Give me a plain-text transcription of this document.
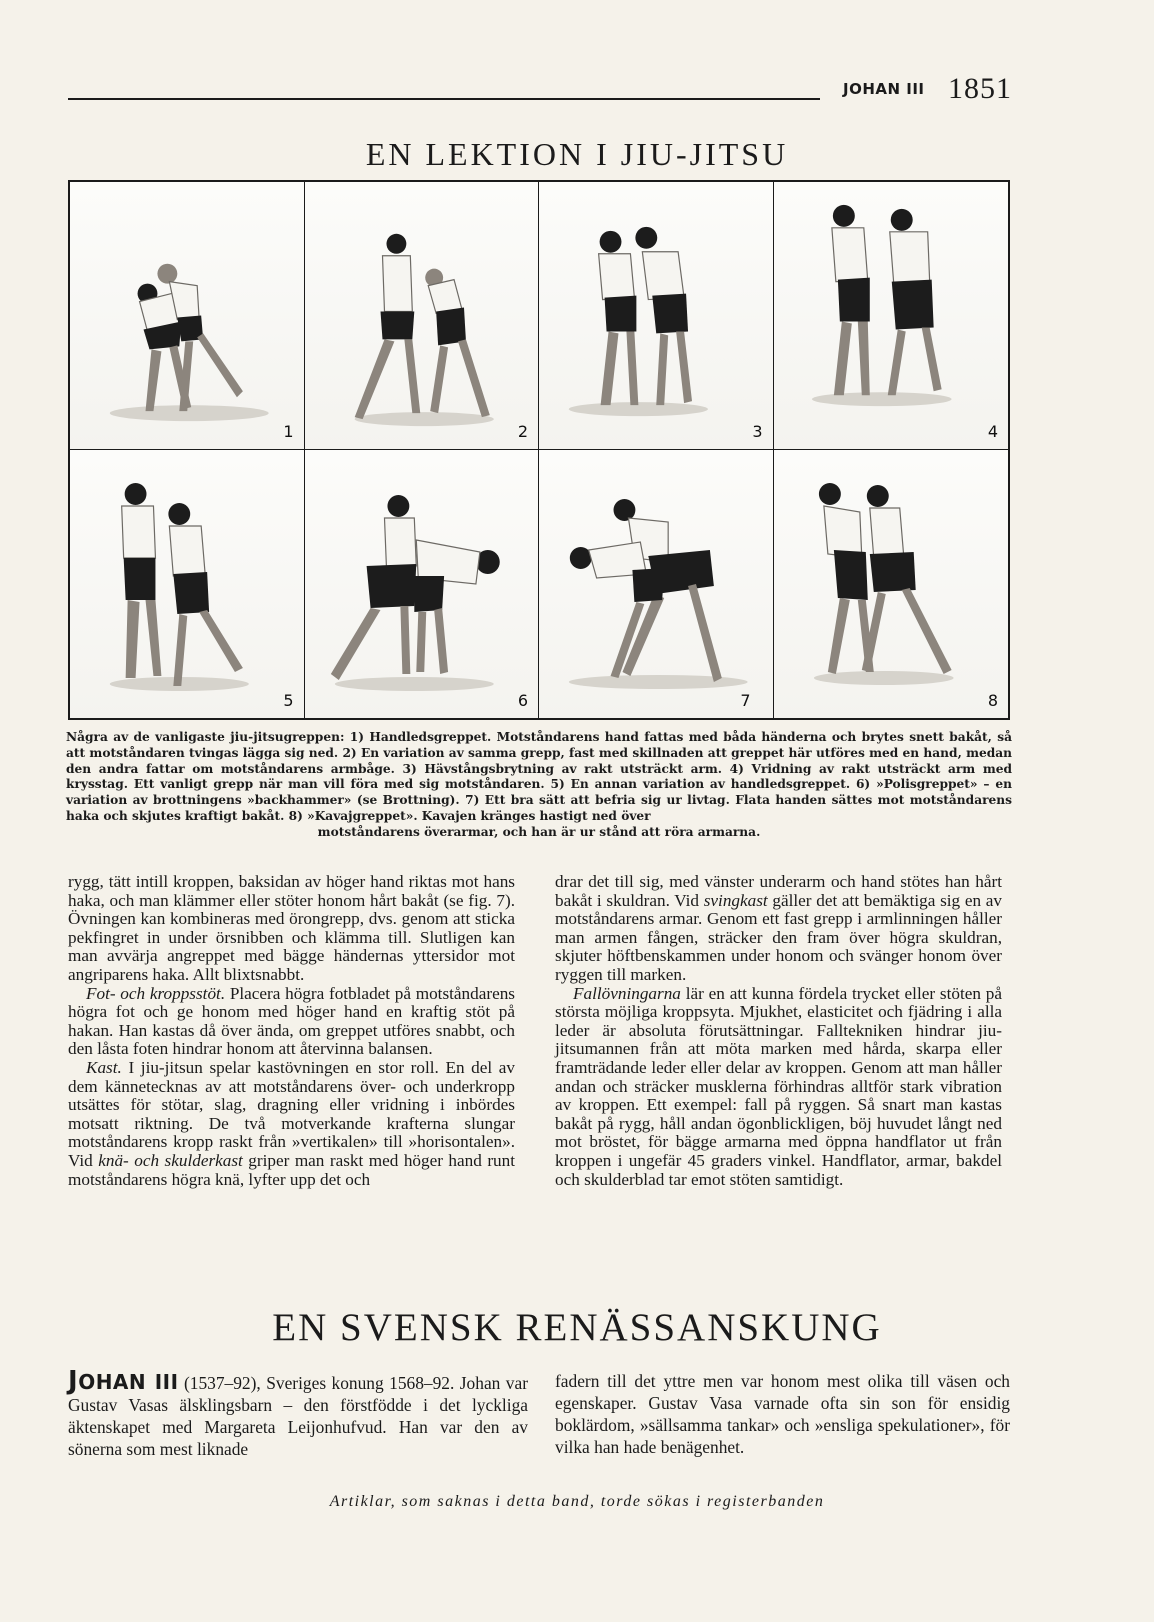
JOHAN III 1851
EN LEKTION I JIU-JITSU
1	2	3	4
5	6	7	8

Några av de vanligaste jiu-jitsugreppen: 1) Handledsgreppet. Motståndarens hand fattas med båda händerna och brytes snett bakåt, så att motståndaren tvingas lägga sig ned. 2) En variation av samma grepp, fast med skillnaden att greppet här utföres med en hand, medan den andra fattar om motståndarens armbåge. 3) Hävstångsbrytning av rakt utsträckt arm. 4) Vridning av rakt utsträckt arm med krysstag. Ett vanligt grepp när man vill föra med sig motståndaren. 5) En annan variation av handledsgreppet. 6) »Polisgreppet» – en variation av brottningens »backhammer» (se Brottning). 7) Ett bra sätt att befria sig ur livtag. Flata handen sättes mot motståndarens haka och skjutes kraftigt bakåt. 8) »Kavajgreppet». Kavajen kränges hastigt ned över
motståndarens överarmar, och han är ur stånd att röra armarna.

rygg, tätt intill kroppen, baksidan av höger hand riktas mot hans haka, och man klämmer eller stöter honom hårt bakåt (se fig. 7). Övningen kan kombineras med örongrepp, dvs. genom att sticka pekfingret in under örsnibben och klämma till. Slutligen kan man avvärja angreppet med bägge händernas yttersidor mot angriparens haka. Allt blixtsnabbt.

Fot- och kroppsstöt. Placera högra fotbladet på motståndarens högra fot och ge honom med höger hand en kraftig stöt på hakan. Han kastas då över ända, om greppet utföres snabbt, och den låsta foten hindrar honom att återvinna balansen.

Kast. I jiu-jitsun spelar kastövningen en stor roll. En del av dem kännetecknas av att motståndarens över- och underkropp utsättes för stötar, slag, dragning eller vridning i inbördes motsatt riktning. De två motverkande krafterna slungar motståndarens kropp raskt från »vertikalen» till »horisontalen». Vid knä- och skulderkast griper man raskt med höger hand runt motståndarens högra knä, lyfter upp det och

drar det till sig, med vänster underarm och hand stötes han hårt bakåt i skuldran. Vid svingkast gäller det att bemäktiga sig en av motståndarens armar. Genom ett fast grepp i armlinningen håller man armen fången, sträcker den fram över högra skuldran, skjuter höftbenskammen under honom och svänger honom över ryggen till marken.

Fallövningarna lär en att kunna fördela trycket eller stöten på största möjliga kroppsyta. Mjukhet, elasticitet och fjädring i alla leder är absoluta förutsättningar. Falltekniken hindrar jiu-jitsumannen från att möta marken med hårda, skarpa eller framträdande leder eller delar av kroppen. Genom att man håller andan och sträcker musklerna förhindras alltför stark vibration av kroppen. Ett exempel: fall på ryggen. Så snart man kastas bakåt på rygg, håll andan ögonblickligen, böj huvudet långt ned mot bröstet, för bägge armarna med öppna handflator ut från kroppen i ungefär 45 graders vinkel. Handflator, armar, bakdel och skulderblad tar emot stöten samtidigt.

EN SVENSK RENÄSSANSKUNG

JOHAN III (1537–92), Sveriges konung 1568–92. Johan var Gustav Vasas älsklingsbarn – den förstfödde i det lyckliga äktenskapet med Margareta Leijonhufvud. Han var den av sönerna som mest liknade

fadern till det yttre men var honom mest olika till väsen och egenskaper. Gustav Vasa varnade ofta sin son för ensidig boklärdom, »sällsamma tankar» och »ensliga spekulationer», för vilka han hade benägenhet.

Artiklar, som saknas i detta band, torde sökas i registerbanden
